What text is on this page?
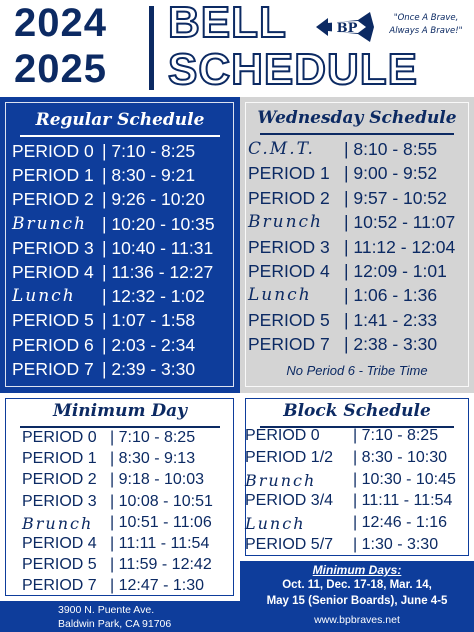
2024
2025
BELL
SCHEDULE
BP
"Once A Brave,
Always A Brave!"
Regular Schedule
PERIOD 0 | 7:10 - 8:25
PERIOD 1 | 8:30 - 9:21
PERIOD 2 | 9:26 - 10:20
Brunch | 10:20 - 10:35
PERIOD 3 | 10:40 - 11:31
PERIOD 4 | 11:36 - 12:27
Lunch | 12:32 - 1:02
PERIOD 5 | 1:07 - 1:58
PERIOD 6 | 2:03 - 2:34
PERIOD 7 | 2:39 - 3:30
Wednesday Schedule
C.M.T. | 8:10 - 8:55
PERIOD 1 | 9:00 - 9:52
PERIOD 2 | 9:57 - 10:52
Brunch | 10:52 - 11:07
PERIOD 3 | 11:12 - 12:04
PERIOD 4 | 12:09 - 1:01
Lunch | 1:06 - 1:36
PERIOD 5 | 1:41 - 2:33
PERIOD 7 | 2:38 - 3:30
No Period 6 - Tribe Time
Minimum Day
PERIOD 0 | 7:10 - 8:25
PERIOD 1 | 8:30 - 9:13
PERIOD 2 | 9:18 - 10:03
PERIOD 3 | 10:08 - 10:51
Brunch | 10:51 - 11:06
PERIOD 4 | 11:11 - 11:54
PERIOD 5 | 11:59 - 12:42
PERIOD 7 | 12:47 - 1:30
Block Schedule
PERIOD 0 | 7:10 - 8:25
PERIOD 1/2 | 8:30 - 10:30
Brunch | 10:30 - 10:45
PERIOD 3/4 | 11:11 - 11:54
Lunch	| 12:46 - 1:16
PERIOD 5/7 | 1:30 - 3:30
Minimum Days:
Oct. 11, Dec. 17-18, Mar. 14,
May 15 (Senior Boards), June 4-5
www.bpbraves.net
3900 N. Puente Ave.
Baldwin Park, CA 91706
